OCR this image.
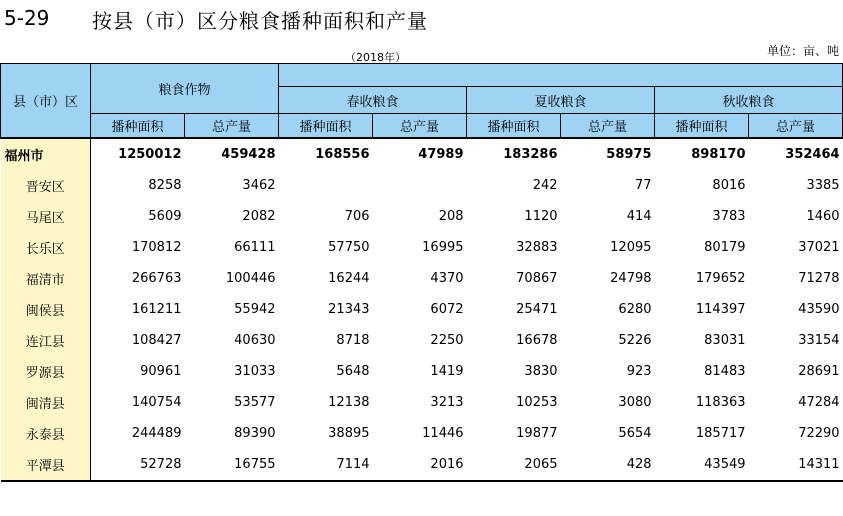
5-29 按县（市）区分粮食播种面积和产量
（2018年）	单位：亩、吨
县（市）区	粮食作物							
			春收粮食		夏收粮食		秋收粮食	
	播种面积	总产量	播种面积	总产量	播种面积	总产量	播种面积	总产量
福州市	1250012	459428	168556	47989	183286	58975	898170	352464
晋安区	8258	3462			242	77	8016	3385
马尾区	5609	2082	706	208	1120	414	3783	1460
长乐区	170812	66111	57750	16995	32883	12095	80179	37021
福清市	266763	100446	16244	4370	70867	24798	179652	71278
闽侯县	161211	55942	21343	6072	25471	6280	114397	43590
连江县	108427	40630	8718	2250	16678	5226	83031	33154
罗源县	90961	31033	5648	1419	3830	923	81483	28691
闽清县	140754	53577	12138	3213	10253	3080	118363	47284
永泰县	244489	89390	38895	11446	19877	5654	185717	72290
平潭县	52728	16755	7114	2016	2065	428	43549	14311
